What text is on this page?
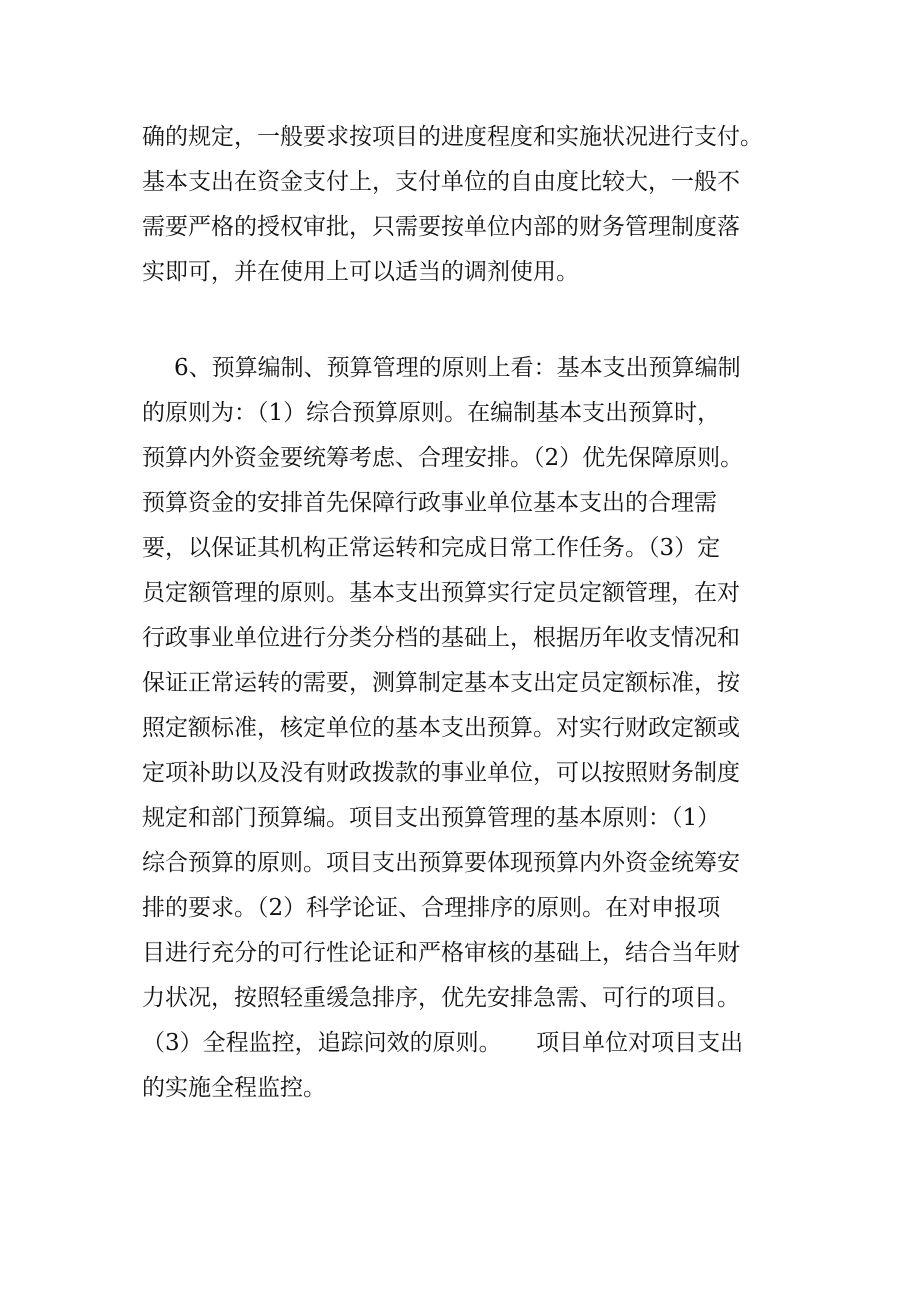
确的规定，一般要求按项目的进度程度和实施状况进行支付。
基本支出在资金支付上，支付单位的自由度比较大，一般不
需要严格的授权审批，只需要按单位内部的财务管理制度落
实即可，并在使用上可以适当的调剂使用。
6、预算编制、预算管理的原则上看：基本支出预算编制
的原则为：（1）综合预算原则。在编制基本支出预算时，
预算内外资金要统筹考虑、合理安排。（2）优先保障原则。
预算资金的安排首先保障行政事业单位基本支出的合理需
要，以保证其机构正常运转和完成日常工作任务。（3）定
员定额管理的原则。基本支出预算实行定员定额管理，在对
行政事业单位进行分类分档的基础上，根据历年收支情况和
保证正常运转的需要，测算制定基本支出定员定额标准，按
照定额标准，核定单位的基本支出预算。对实行财政定额或
定项补助以及没有财政拨款的事业单位，可以按照财务制度
规定和部门预算编。项目支出预算管理的基本原则：（1）
综合预算的原则。项目支出预算要体现预算内外资金统筹安
排的要求。（2）科学论证、合理排序的原则。在对申报项
目进行充分的可行性论证和严格审核的基础上，结合当年财
力状况，按照轻重缓急排序，优先安排急需、可行的项目。
（3）全程监控，追踪问效的原则。　　项目单位对项目支出
的实施全程监控。
